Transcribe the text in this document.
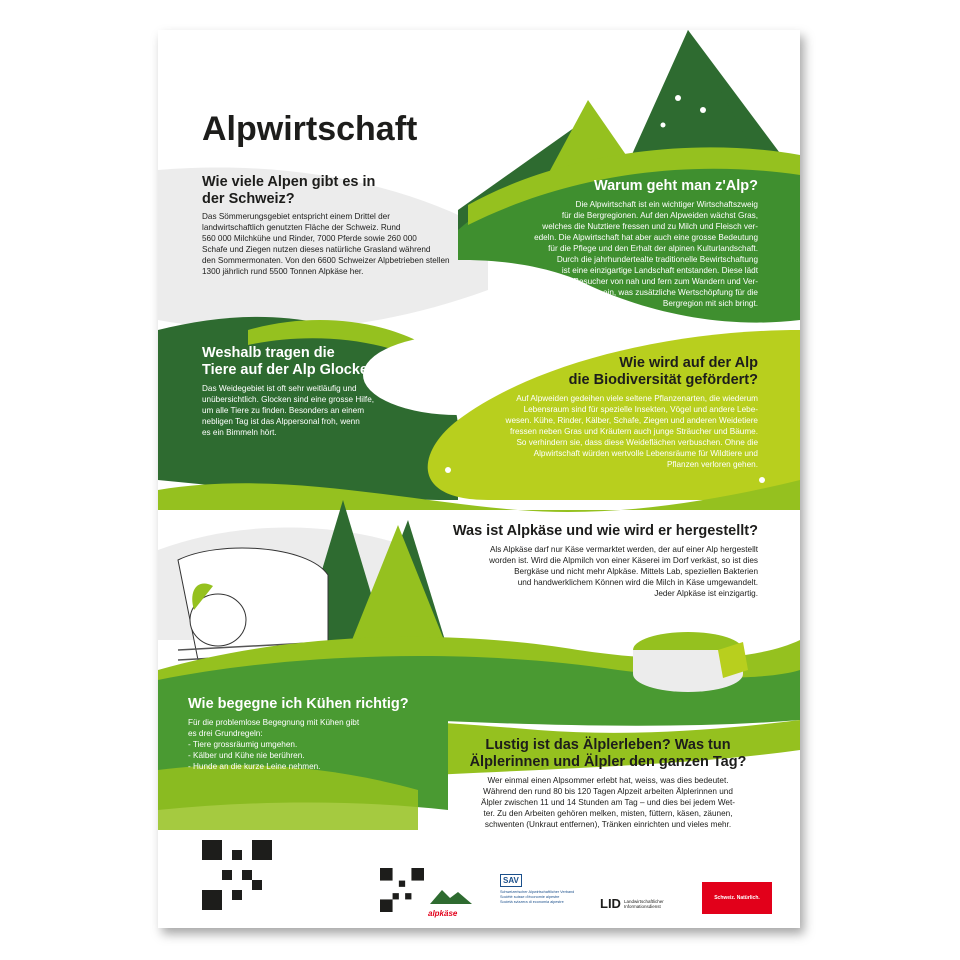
Alpwirtschaft

Wie viele Alpen gibt es in

der Schweiz?

Das Sömmerungsgebiet entspricht einem Drittel der

landwirtschaftlich genutzten Fläche der Schweiz. Rund

560 000 Milchkühe und Rinder, 7000 Pferde sowie 260 000

Schafe und Ziegen nutzen dieses natürliche Grasland während

den Sommermonaten. Von den 6600 Schweizer Alpbetrieben stellen

1300 jährlich rund 5500 Tonnen Alpkäse her.

Warum geht man z'Alp?

Die Alpwirtschaft ist ein wichtiger Wirtschaftszweig

für die Bergregionen. Auf den Alpweiden wächst Gras,

welches die Nutztiere fressen und zu Milch und Fleisch ver-

edeln. Die Alpwirtschaft hat aber auch eine grosse Bedeutung

für die Pflege und den Erhalt der alpinen Kulturlandschaft.

Durch die jahrhundertealte traditionelle Bewirtschaftung

ist eine einzigartige Landschaft entstanden. Diese lädt

Besucher von nah und fern zum Wandern und Ver-

weilen ein, was zusätzliche Wertschöpfung für die

Bergregion mit sich bringt.

Weshalb tragen die

Tiere auf der Alp Glocken?

Das Weidegebiet ist oft sehr weitläufig und

unübersichtlich. Glocken sind eine grosse Hilfe,

um alle Tiere zu finden. Besonders an einem

nebligen Tag ist das Alppersonal froh, wenn

es ein Bimmeln hört.

Wie wird auf der Alp

die Biodiversität gefördert?

Auf Alpweiden gedeihen viele seltene Pflanzenarten, die wiederum

Lebensraum sind für spezielle Insekten, Vögel und andere Lebe-

wesen. Kühe, Rinder, Kälber, Schafe, Ziegen und anderen Weidetiere

fressen neben Gras und Kräutern auch junge Sträucher und Bäume.

So verhindern sie, dass diese Weideflächen verbuschen. Ohne die

Alpwirtschaft würden wertvolle Lebensräume für Wildtiere und

Pflanzen verloren gehen.

Was ist Alpkäse und wie wird er hergestellt?

Als Alpkäse darf nur Käse vermarktet werden, der auf einer Alp hergestellt

worden ist. Wird die Alpmilch von einer Käserei im Dorf verkäst, so ist dies

Bergkäse und nicht mehr Alpkäse. Mittels Lab, speziellen Bakterien

und handwerklichem Können wird die Milch in Käse umgewandelt.

Jeder Alpkäse ist einzigartig.

Wie begegne ich Kühen richtig?

Für die problemlose Begegnung mit Kühen gibt

es drei Grundregeln:

- Tiere grossräumig umgehen.

- Kälber und Kühe nie berühren.

- Hunde an die kurze Leine nehmen.

Lustig ist das Älplerleben? Was tun

Älplerinnen und Älpler den ganzen Tag?

Wer einmal einen Alpsommer erlebt hat, weiss, was dies bedeutet.

Während den rund 80 bis 120 Tagen Alpzeit arbeiten Älplerinnen und

Älpler zwischen 11 und 14 Stunden am Tag – und dies bei jedem Wet-

ter. Zu den Arbeiten gehören melken, misten, füttern, käsen, zäunen,

schwenten (Unkraut entfernen), Tränken einrichten und vieles mehr.

Weitere Infos

www.lid.ch

alpkäse
SAV
Schweizerischer Alpwirtschaftlicher Verband
Société suisse d'économie alpestre
Società svizzera di economia alpestre	LID Landwirtschaftlicher
Informationsdienst
Schweiz. Natürlich.
